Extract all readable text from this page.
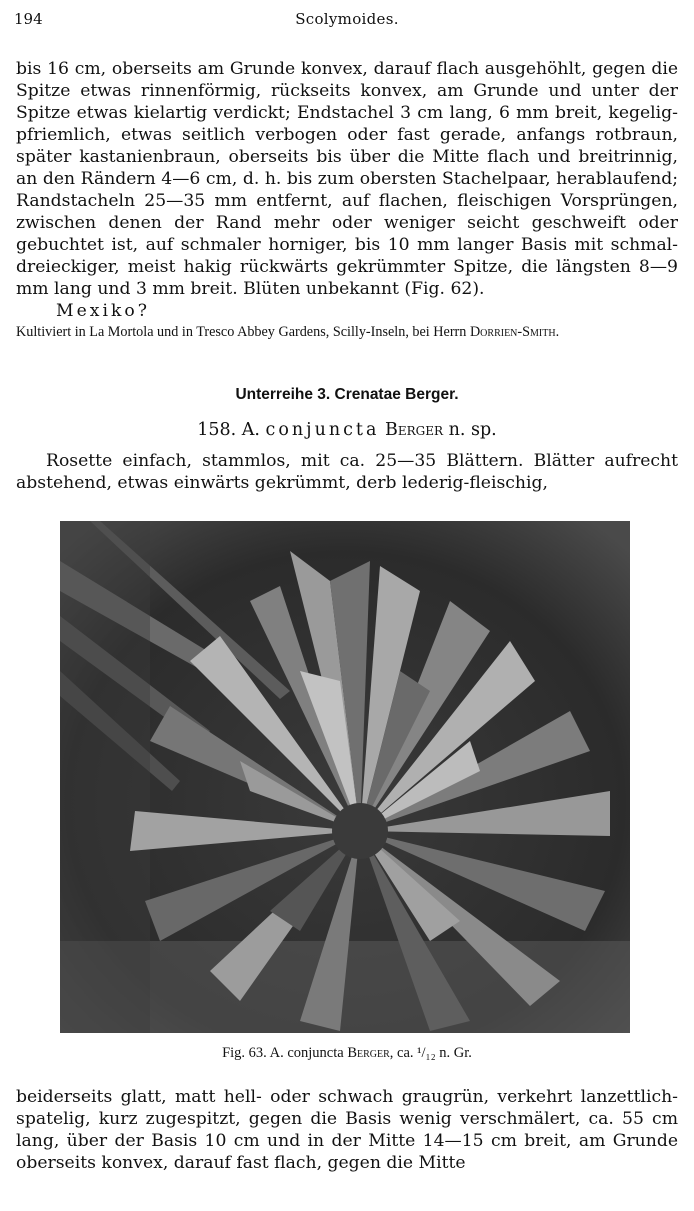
194	Scolymoides.

bis 16 cm, oberseits am Grunde konvex, darauf flach ausgehöhlt, gegen die Spitze etwas rinnenförmig, rückseits konvex, am Grunde und unter der Spitze etwas kielartig verdickt; Endstachel 3 cm lang, 6 mm breit, kegelig-pfriemlich, etwas seitlich verbogen oder fast gerade, anfangs rotbraun, später kastanienbraun, oberseits bis über die Mitte flach und breitrinnig, an den Rändern 4—6 cm, d. h. bis zum obersten Stachelpaar, herablaufend; Randstacheln 25—35 mm entfernt, auf flachen, fleischigen Vorsprüngen, zwischen denen der Rand mehr oder weniger seicht geschweift oder gebuchtet ist, auf schmaler horniger, bis 10 mm langer Basis mit schmal-dreieckiger, meist hakig rückwärts gekrümmter Spitze, die längsten 8—9 mm lang und 3 mm breit. Blüten unbekannt (Fig. 62).

Mexiko?

Kultiviert in La Mortola und in Tresco Abbey Gardens, Scilly-Inseln, bei Herrn Dorrien-Smith.

Unterreihe 3. Crenatae Berger.
158. A. conjuncta Berger n. sp.

Rosette einfach, stammlos, mit ca. 25—35 Blättern. Blätter aufrecht abstehend, etwas einwärts gekrümmt, derb lederig-fleischig,

Fig. 63. A. conjuncta Berger, ca. ¹/₁₂ n. Gr.

beiderseits glatt, matt hell- oder schwach graugrün, verkehrt lanzettlich-spatelig, kurz zugespitzt, gegen die Basis wenig verschmälert, ca. 55 cm lang, über der Basis 10 cm und in der Mitte 14—15 cm breit, am Grunde oberseits konvex, darauf fast flach, gegen die Mitte
